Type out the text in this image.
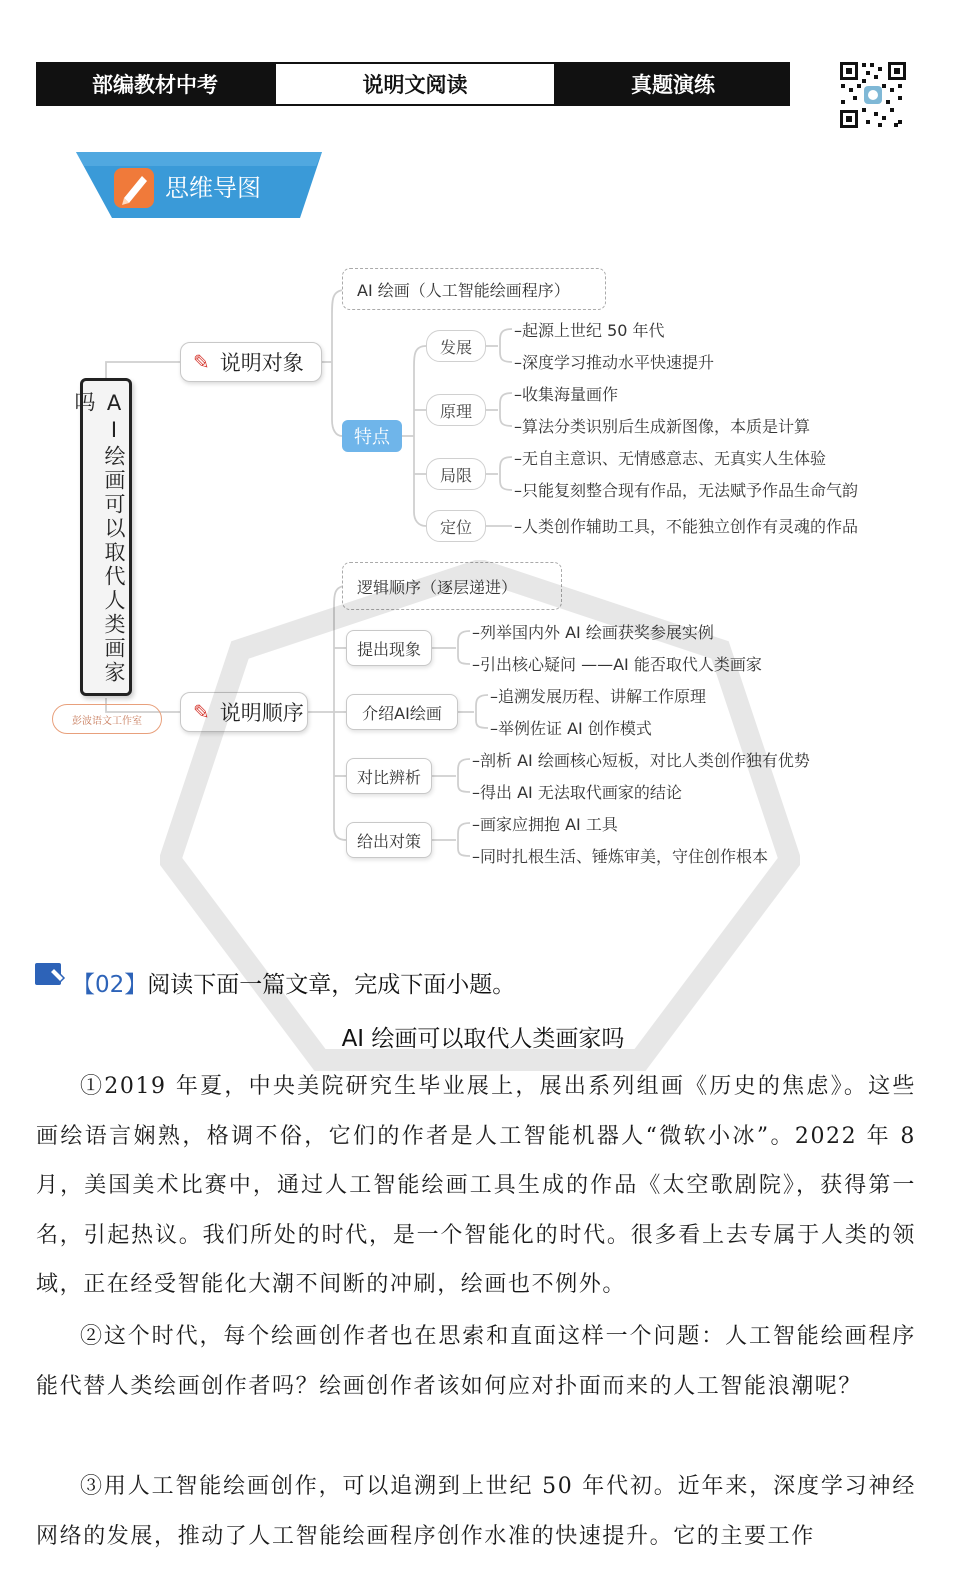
部编教材中考	说明文阅读	真题演练
思维导图
AI绘画可以取代人类画家吗
彭波语文工作室
✎ 说明对象
AI 绘画（人工智能绘画程序）
特点
发展
–起源上世纪 50 年代
–深度学习推动水平快速提升
原理
–收集海量画作
–算法分类识别后生成新图像，本质是计算
局限
–无自主意识、无情感意志、无真实人生体验
–只能复刻整合现有作品，无法赋予作品生命气韵
定位	–人类创作辅助工具，不能独立创作有灵魂的作品
✎ 说明顺序
逻辑顺序（逐层递进）
提出现象
–列举国内外 AI 绘画获奖参展实例
–引出核心疑问 ——AI 能否取代人类画家
介绍AI绘画
–追溯发展历程、讲解工作原理
–举例佐证 AI 创作模式
对比辨析
–剖析 AI 绘画核心短板，对比人类创作独有优势
–得出 AI 无法取代画家的结论
给出对策
–画家应拥抱 AI 工具
–同时扎根生活、锤炼审美，守住创作根本
【02】阅读下面一篇文章，完成下面小题。
AI 绘画可以取代人类画家吗
①2019 年夏，中央美院研究生毕业展上，展出系列组画《历史的焦虑》。这些画绘语言娴熟，格调不俗，它们的作者是人工智能机器人“微软小冰”。2022 年 8 月，美国美术比赛中，通过人工智能绘画工具生成的作品《太空歌剧院》，获得第一名，引起热议。我们所处的时代，是一个智能化的时代。很多看上去专属于人类的领域，正在经受智能化大潮不间断的冲刷，绘画也不例外。
②这个时代，每个绘画创作者也在思索和直面这样一个问题：人工智能绘画程序能代替人类绘画创作者吗？绘画创作者该如何应对扑面而来的人工智能浪潮呢？
③用人工智能绘画创作，可以追溯到上世纪 50 年代初。近年来，深度学习神经网络的发展，推动了人工智能绘画程序创作水准的快速提升。它的主要工作
